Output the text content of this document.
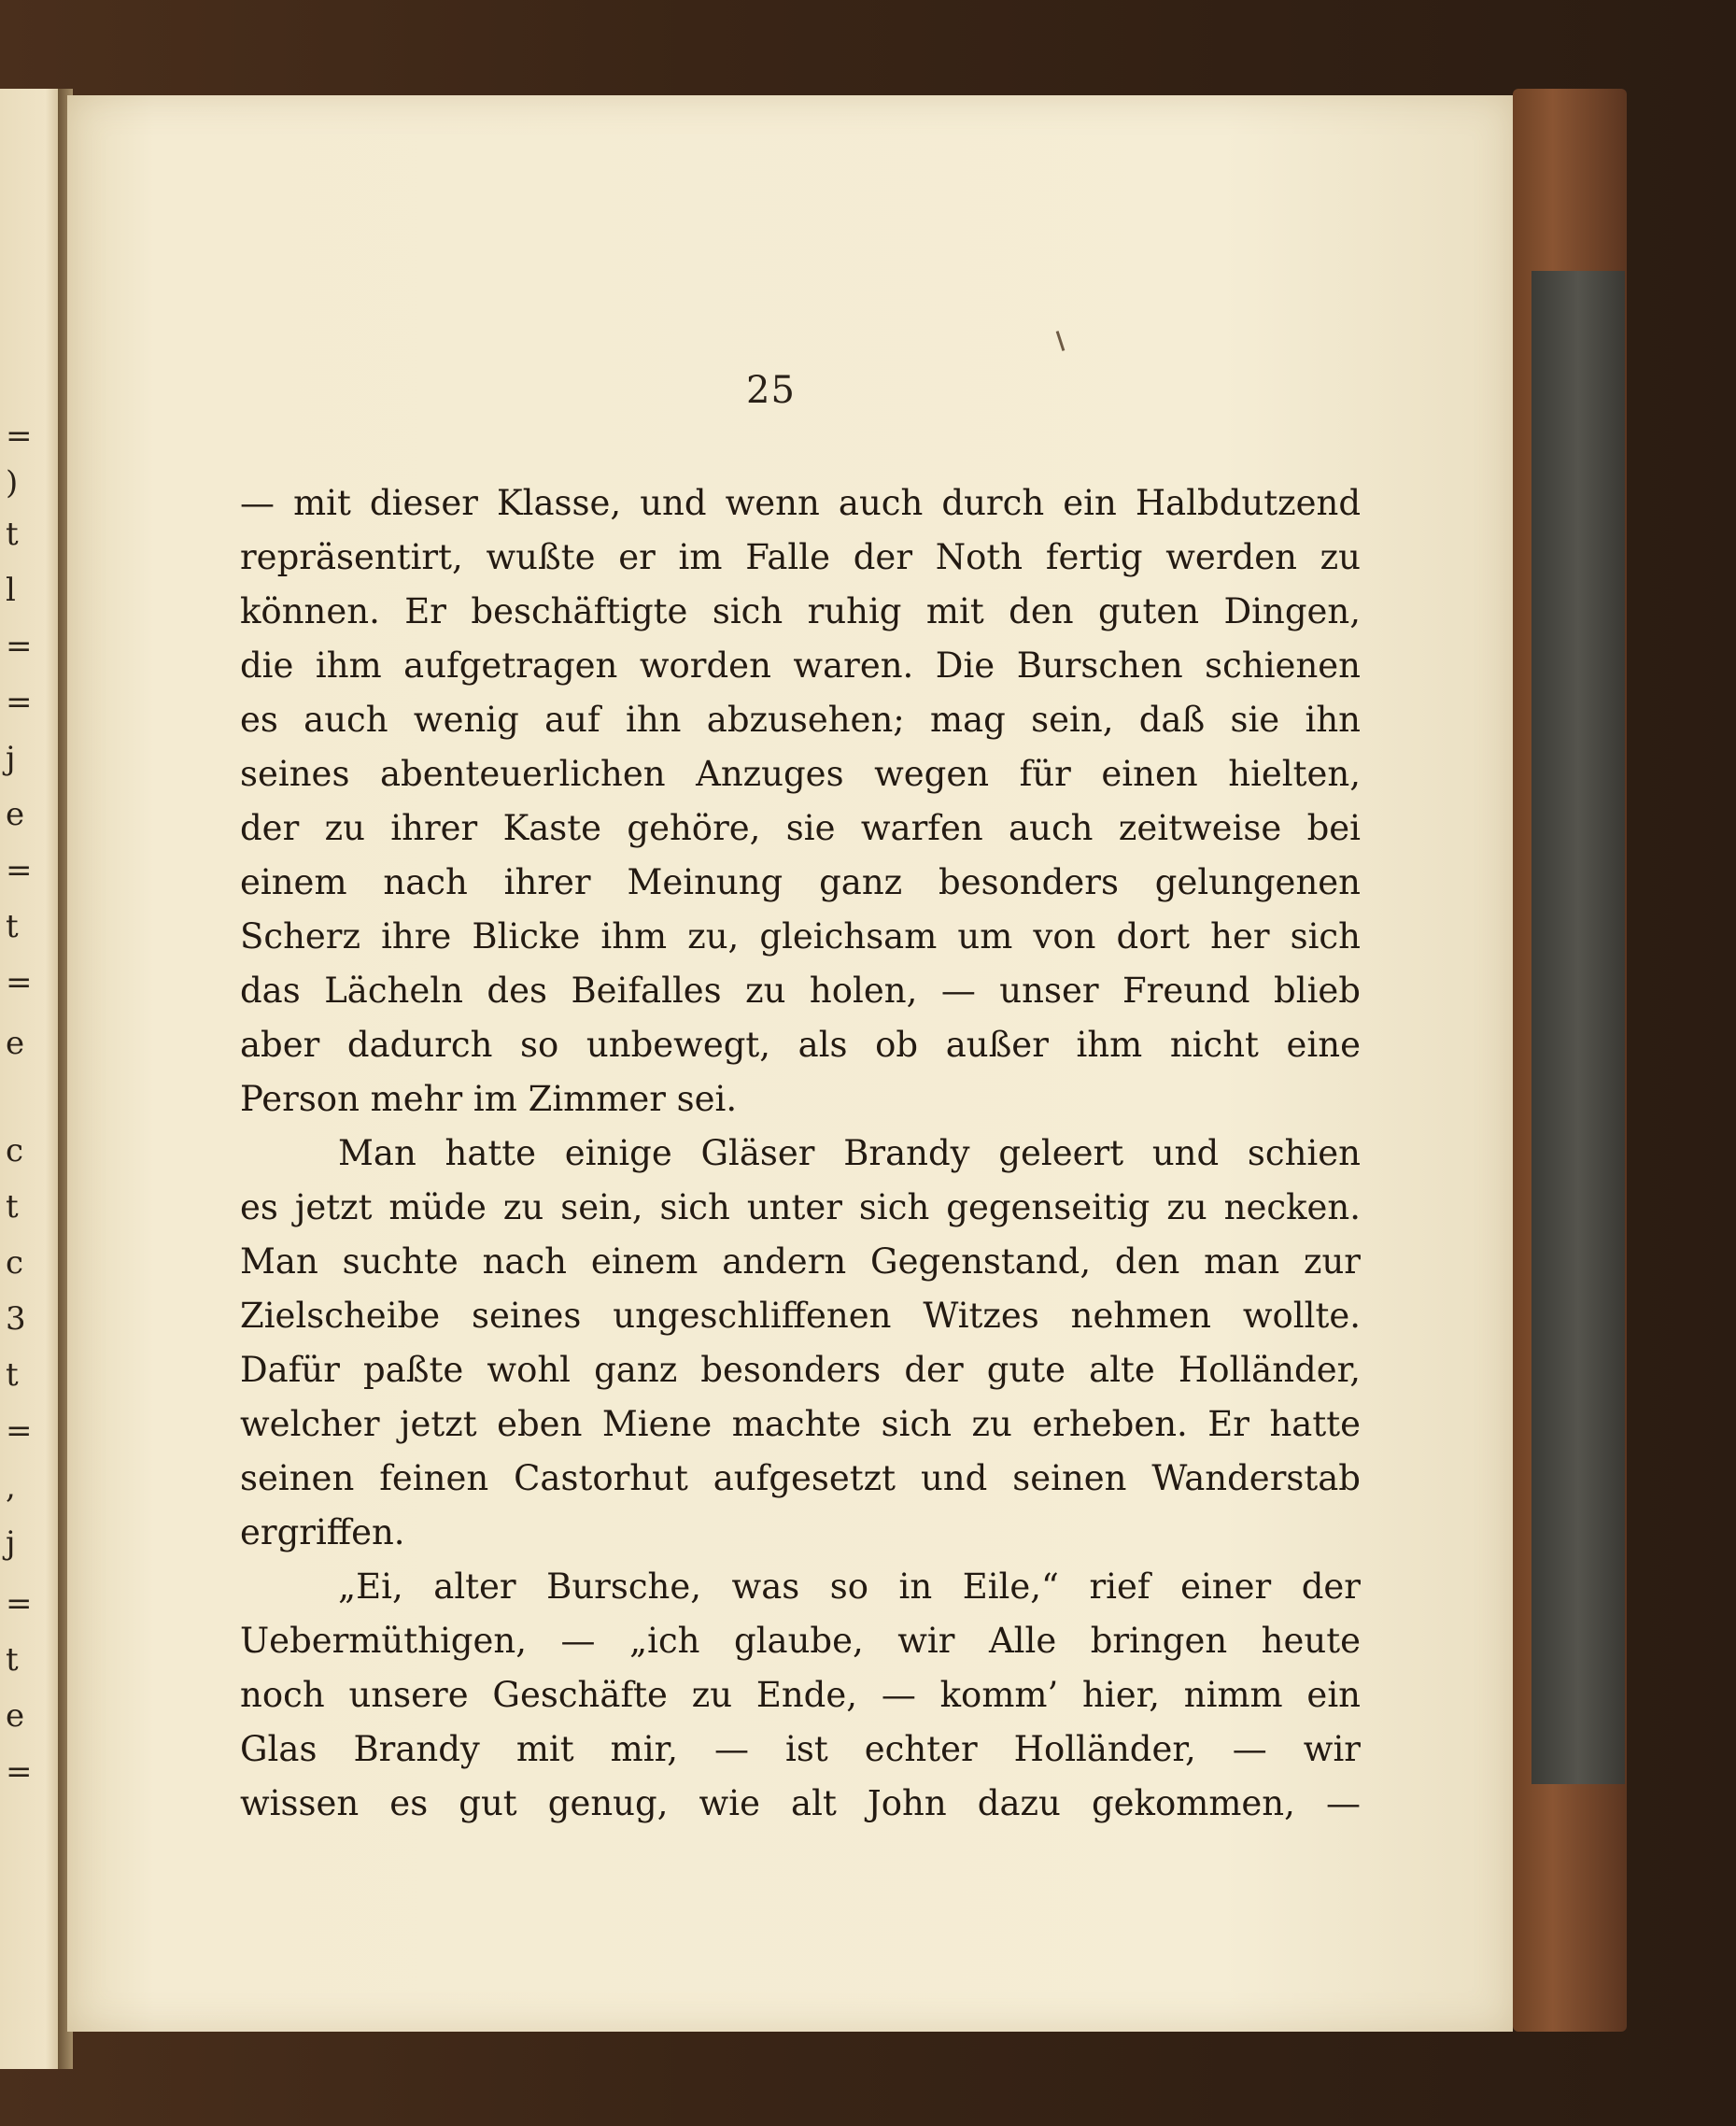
=
)
t
l
=
=
j
e
=
t
=
e
c
t
c
3
t
=
,
j
=
t
e
=
25
— mit dieser Klasse, und wenn auch durch ein Halbdutzend
repräsentirt, wußte er im Falle der Noth fertig werden zu
können. Er beschäftigte sich ruhig mit den guten Dingen,
die ihm aufgetragen worden waren. Die Burschen schienen
es auch wenig auf ihn abzusehen; mag sein, daß sie ihn
seines abenteuerlichen Anzuges wegen für einen hielten,
der zu ihrer Kaste gehöre, sie warfen auch zeitweise bei
einem nach ihrer Meinung ganz besonders gelungenen
Scherz ihre Blicke ihm zu, gleichsam um von dort her sich
das Lächeln des Beifalles zu holen, — unser Freund blieb
aber dadurch so unbewegt, als ob außer ihm nicht eine
Person mehr im Zimmer sei.
Man hatte einige Gläser Brandy geleert und schien
es jetzt müde zu sein, sich unter sich gegenseitig zu necken.
Man suchte nach einem andern Gegenstand, den man zur
Zielscheibe seines ungeschliffenen Witzes nehmen wollte.
Dafür paßte wohl ganz besonders der gute alte Holländer,
welcher jetzt eben Miene machte sich zu erheben. Er hatte
seinen feinen Castorhut aufgesetzt und seinen Wanderstab
ergriffen.
„Ei, alter Bursche, was so in Eile,“ rief einer der
Uebermüthigen, — „ich glaube, wir Alle bringen heute
noch unsere Geschäfte zu Ende, — komm’ hier, nimm ein
Glas Brandy mit mir, — ist echter Holländer, — wir
wissen es gut genug, wie alt John dazu gekommen, —
